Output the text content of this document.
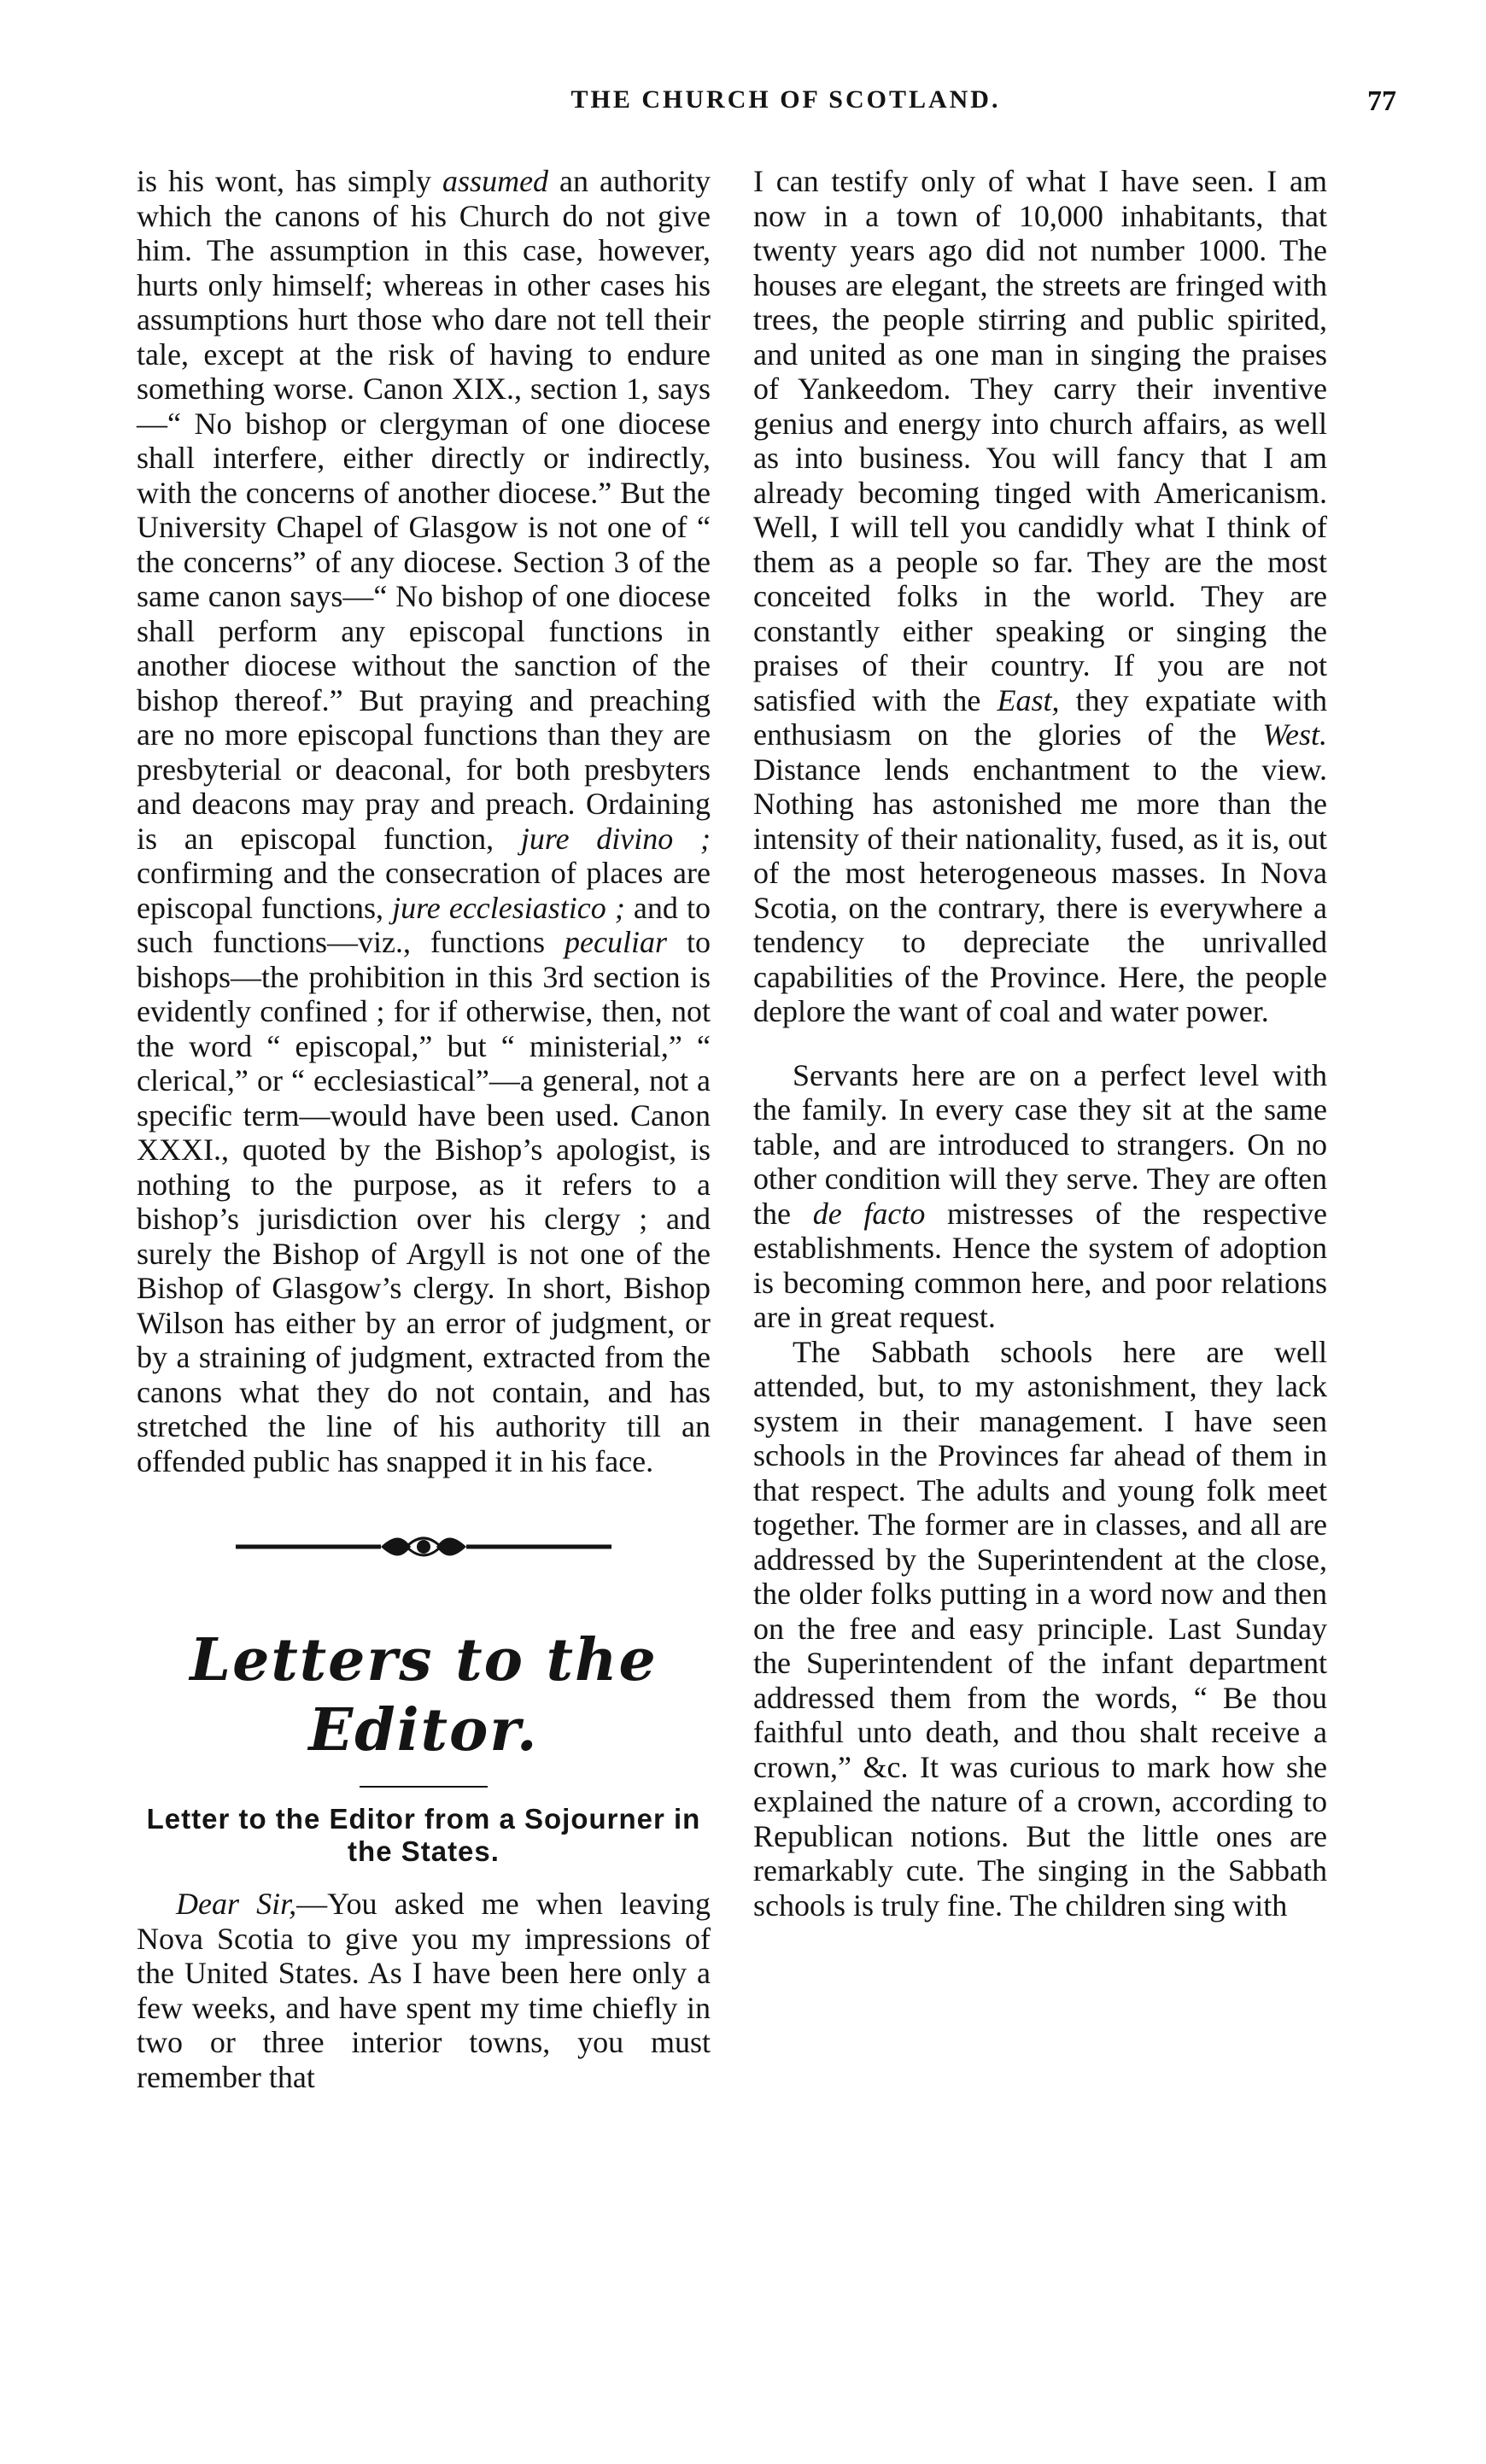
THE CHURCH OF SCOTLAND.	77

is his wont, has simply assumed an authority which the canons of his Church do not give him. The assumption in this case, however, hurts only himself; whereas in other cases his assumptions hurt those who dare not tell their tale, except at the risk of having to endure something worse. Canon XIX., section 1, says—“ No bishop or clergyman of one diocese shall interfere, either directly or indirectly, with the concerns of another diocese.” But the University Chapel of Glasgow is not one of “ the concerns” of any diocese. Section 3 of the same canon says—“ No bishop of one diocese shall perform any episcopal functions in another diocese without the sanction of the bishop thereof.” But praying and preaching are no more episcopal functions than they are presbyterial or deaconal, for both presbyters and deacons may pray and preach. Ordaining is an episcopal function, jure divino ; confirming and the consecration of places are episcopal functions, jure ecclesiastico ; and to such functions—viz., functions peculiar to bishops—the prohibition in this 3rd section is evidently confined ; for if otherwise, then, not the word “ episcopal,” but “ ministerial,” “ clerical,” or “ ecclesiastical”—a general, not a specific term—would have been used. Canon XXXI., quoted by the Bishop’s apologist, is nothing to the purpose, as it refers to a bishop’s jurisdiction over his clergy ; and surely the Bishop of Argyll is not one of the Bishop of Glasgow’s clergy. In short, Bishop Wilson has either by an error of judgment, or by a straining of judgment, extracted from the canons what they do not contain, and has stretched the line of his authority till an offended public has snapped it in his face.

Letters to the Editor.
Letter to the Editor from a Sojourner in the States.

Dear Sir,—You asked me when leaving Nova Scotia to give you my impressions of the United States. As I have been here only a few weeks, and have spent my time chiefly in two or three interior towns, you must remember that

I can testify only of what I have seen. I am now in a town of 10,000 inhabitants, that twenty years ago did not number 1000. The houses are elegant, the streets are fringed with trees, the people stirring and public spirited, and united as one man in singing the praises of Yankeedom. They carry their inventive genius and energy into church affairs, as well as into business. You will fancy that I am already becoming tinged with Americanism. Well, I will tell you candidly what I think of them as a people so far. They are the most conceited folks in the world. They are constantly either speaking or singing the praises of their country. If you are not satisfied with the East, they expatiate with enthusiasm on the glories of the West. Distance lends enchantment to the view. Nothing has astonished me more than the intensity of their nationality, fused, as it is, out of the most heterogeneous masses. In Nova Scotia, on the contrary, there is everywhere a tendency to depreciate the unrivalled capabilities of the Province. Here, the people deplore the want of coal and water power.

Servants here are on a perfect level with the family. In every case they sit at the same table, and are introduced to strangers. On no other condition will they serve. They are often the de facto mistresses of the respective establishments. Hence the system of adoption is becoming common here, and poor relations are in great request.

The Sabbath schools here are well attended, but, to my astonishment, they lack system in their management. I have seen schools in the Provinces far ahead of them in that respect. The adults and young folk meet together. The former are in classes, and all are addressed by the Superintendent at the close, the older folks putting in a word now and then on the free and easy principle. Last Sunday the Superintendent of the infant department addressed them from the words, “ Be thou faithful unto death, and thou shalt receive a crown,” &c. It was curious to mark how she explained the nature of a crown, according to Republican notions. But the little ones are remarkably cute. The singing in the Sabbath schools is truly fine. The children sing with
